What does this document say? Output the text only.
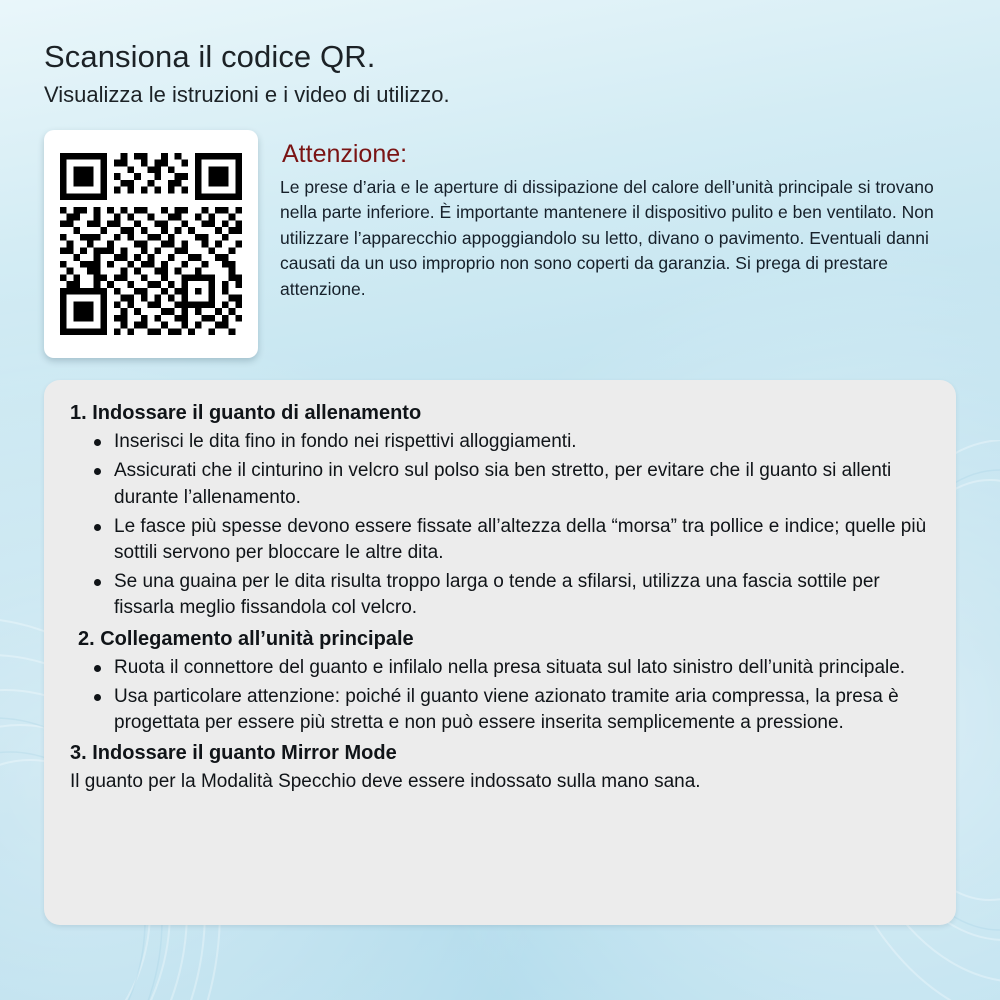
Scansiona il codice QR.

Visualizza le istruzioni e i video di utilizzo.

Attenzione:

Le prese d’aria e le aperture di dissipazione del calore dell’unità principale si trovano nella parte inferiore. È importante mantenere il dispositivo pulito e ben ventilato. Non utilizzare l’apparecchio appoggiandolo su letto, divano o pavimento. Eventuali danni causati da un uso improprio non sono coperti da garanzia. Si prega di prestare attenzione.

1. Indossare il guanto di allenamento
Inserisci le dita fino in fondo nei rispettivi alloggiamenti.
Assicurati che il cinturino in velcro sul polso sia ben stretto, per evitare che il guanto si allenti durante l’allenamento.
Le fasce più spesse devono essere fissate all’altezza della “morsa” tra pollice e indice; quelle più sottili servono per bloccare le altre dita.
Se una guaina per le dita risulta troppo larga o tende a sfilarsi, utilizza una fascia sottile per fissarla meglio fissandola col velcro.
2. Collegamento all’unità principale
Ruota il connettore del guanto e infilalo nella presa situata sul lato sinistro dell’unità principale.
Usa particolare attenzione: poiché il guanto viene azionato tramite aria compressa, la presa è progettata per essere più stretta e non può essere inserita semplicemente a pressione.
3. Indossare il guanto Mirror Mode

Il guanto per la Modalità Specchio deve essere indossato sulla mano sana.
